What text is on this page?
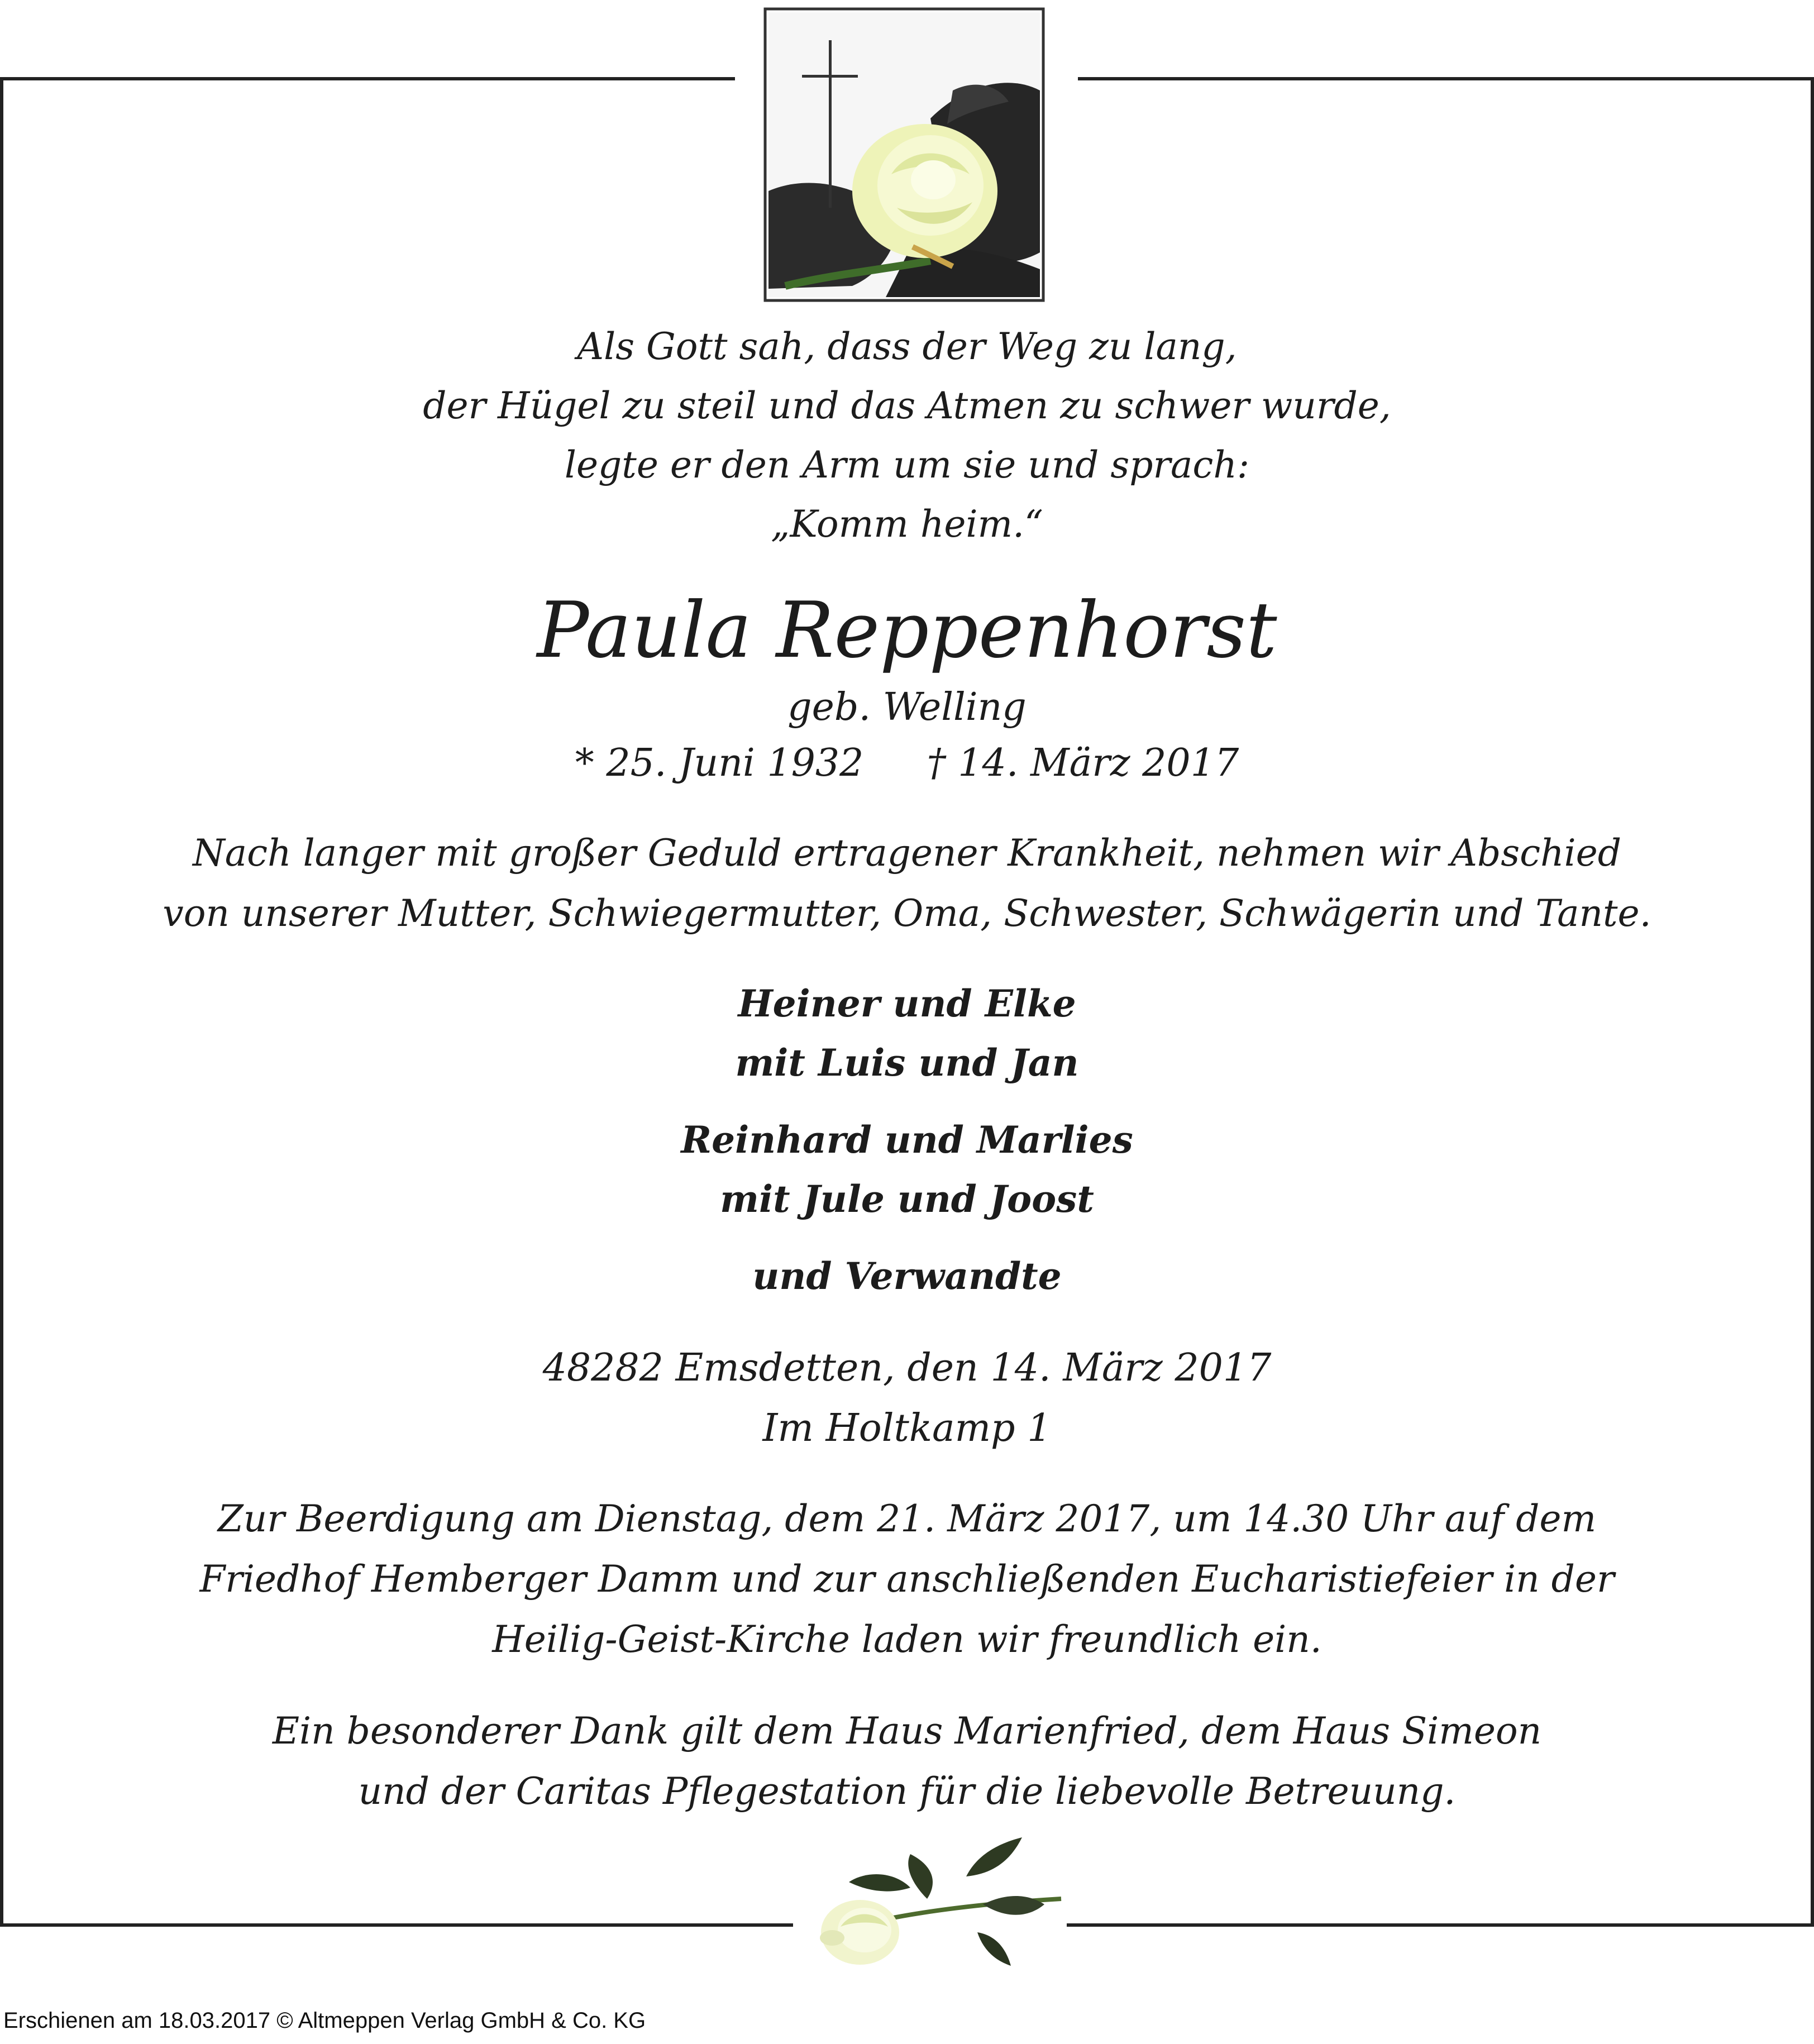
Als Gott sah, dass der Weg zu lang,
der Hügel zu steil und das Atmen zu schwer wurde,
legte er den Arm um sie und sprach:
„Komm heim.“
Paula Reppenhorst
geb. Welling
* 25. Juni 1932 † 14. März 2017
Nach langer mit großer Geduld ertragener Krankheit, nehmen wir Abschied
von unserer Mutter, Schwiegermutter, Oma, Schwester, Schwägerin und Tante.
Heiner und Elke
mit Luis und Jan
Reinhard und Marlies
mit Jule und Joost
und Verwandte
48282 Emsdetten, den 14. März 2017
Im Holtkamp 1
Zur Beerdigung am Dienstag, dem 21. März 2017, um 14.30 Uhr auf dem
Friedhof Hemberger Damm und zur anschließenden Eucharistiefeier in der
Heilig-Geist-Kirche laden wir freundlich ein.
Ein besonderer Dank gilt dem Haus Marienfried, dem Haus Simeon
und der Caritas Pflegestation für die liebevolle Betreuung.
Erschienen am 18.03.2017 © Altmeppen Verlag GmbH & Co. KG
